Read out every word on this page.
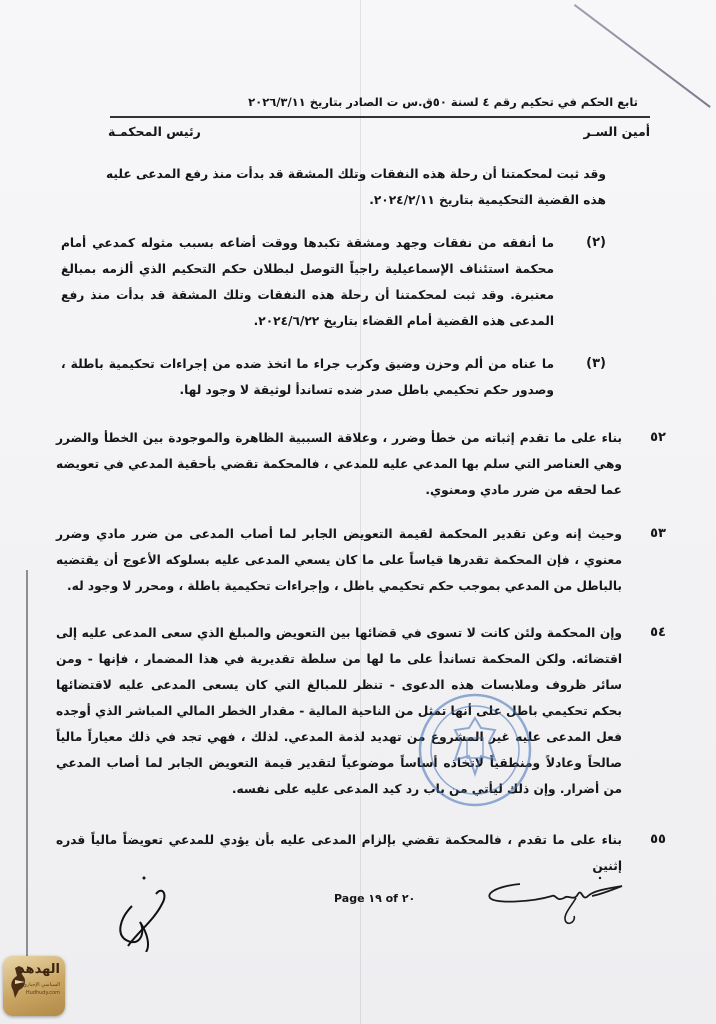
تابع الحكم في تحكيم رقم ٤ لسنة ٥٠ق.س ت الصادر بتاريخ ٢٠٢٦/٣/١١
أمين السـر
رئيس المحكمـة
وقد ثبت لمحكمتنا أن رحلة هذه النفقات وتلك المشقة قد بدأت منذ رفع المدعى عليه هذه القضية التحكيمية بتاريخ ٢٠٢٤/٢/١١.
(٢)
ما أنفقه من نفقات وجهد ومشقة تكبدها ووقت أضاعه بسبب مثوله كمدعي أمام محكمة استئناف الإسماعيلية راجياً التوصل لبطلان حكم التحكيم الذي ألزمه بمبالغ معتبرة. وقد ثبت لمحكمتنا أن رحلة هذه النفقات وتلك المشقة قد بدأت منذ رفع المدعى هذه القضية أمام القضاء بتاريخ ٢٠٢٤/٦/٢٢.
(٣)
ما عناه من ألم وحزن وضيق وكرب جراء ما اتخذ ضده من إجراءات تحكيمية باطلة ، وصدور حكم تحكيمي باطل صدر ضده تساندأ لوثيقة لا وجود لها.
٥٢
بناء على ما تقدم إثباته من خطأ وضرر ، وعلاقة السببية الظاهرة والموجودة بين الخطأ والضرر وهي العناصر التي سلم بها المدعي عليه للمدعي ، فالمحكمة تقضي بأحقية المدعي في تعويضه عما لحقه من ضرر مادي ومعنوي.
٥٣
وحيث إنه وعن تقدير المحكمة لقيمة التعويض الجابر لما أصاب المدعى من ضرر مادي وضرر معنوي ، فإن المحكمة تقدرها قياساً على ما كان يسعي المدعى عليه بسلوكه الأعوج أن يقتضيه بالباطل من المدعي بموجب حكم تحكيمي باطل ، وإجراءات تحكيمية باطلة ، ومحرر لا وجود له.
٥٤
وإن المحكمة ولئن كانت لا تسوى في قضائها بين التعويض والمبلغ الذي سعى المدعى عليه إلى اقتضائه. ولكن المحكمة تساندأ على ما لها من سلطة تقديرية في هذا المضمار ، فإنها - ومن سائر ظروف وملابسات هذه الدعوى - تنظر للمبالغ التي كان يسعى المدعى عليه لاقتضائها بحكم تحكيمي باطل على أنها تمثل من الناحية المالية - مقدار الخطر المالي المباشر الذي أوجده فعل المدعى عليه غير المشروع من تهديد لذمة المدعي. لذلك ، فهي تجد في ذلك معياراً مالياً صالحاً وعادلاً ومنطقياً لاتخاذه أساساً موضوعياً لتقدير قيمة التعويض الجابر لما أصاب المدعي من أضرار. وإن ذلك ليأتي من باب رد كيد المدعى عليه على نفسه.
٥٥
بناء على ما تقدم ، فالمحكمة تقضي بإلزام المدعى عليه بأن يؤدي للمدعي تعويضاً مالياً قدره إثنين
Page ١٩ of ٢٠
الهدهد
السياسي الإخباري
Hudhudy.com
